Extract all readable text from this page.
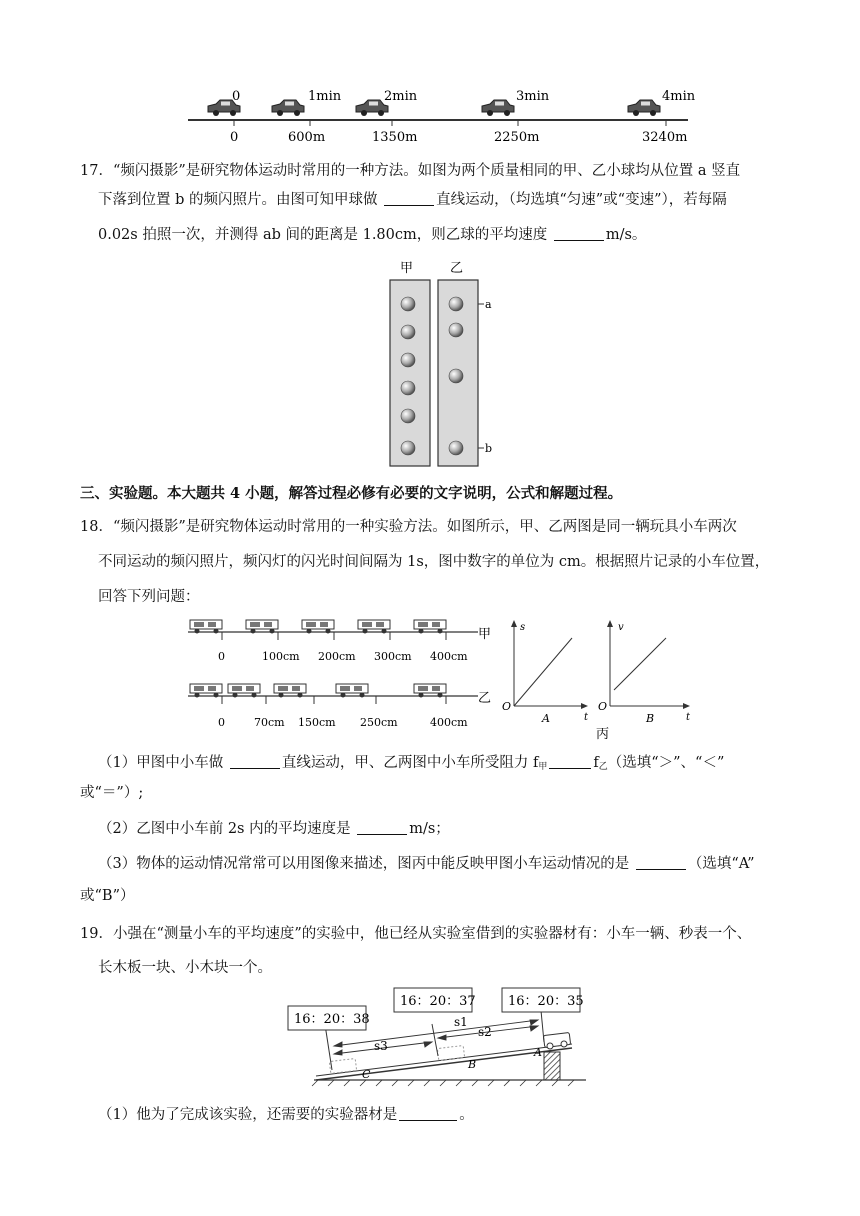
0	1min	2min	3min	4min
0	600m	1350m	2250m	3240m
17．“频闪摄影”是研究物体运动时常用的一种方法。如图为两个质量相同的甲、乙小球均从位置 a 竖直
下落到位置 b 的频闪照片。由图可知甲球做	直线运动，（均选填“匀速”或“变速”），若每隔
0.02s 拍照一次，并测得 ab 间的距离是 1.80cm，则乙球的平均速度	m/s。
甲	乙
a
b
三、实验题。本大题共 4 小题，解答过程必修有必要的文字说明，公式和解题过程。
18．“频闪摄影”是研究物体运动时常用的一种实验方法。如图所示，甲、乙两图是同一辆玩具小车两次
不同运动的频闪照片，频闪灯的闪光时间间隔为 1s，图中数字的单位为 cm。根据照片记录的小车位置，
回答下列问题：
0	100cm 200cm 300cm 400cm
甲
0	70cm 150cm 250cm	400cm
乙
s
t
O
A
v
t
O
B
丙
（1）甲图中小车做	直线运动，甲、乙两图中小车所受阻力 $f_甲$	$f_乙$（选填“＞”、“＜”
或“＝”）;
（2）乙图中小车前 2s 内的平均速度是	m/s；
（3）物体的运动情况常常可以用图像来描述，图丙中能反映甲图小车运动情况的是	（选填“A”
或“B”）
19．小强在“测量小车的平均速度”的实验中，他已经从实验室借到的实验器材有：小车一辆、秒表一个、
长木板一块、小木块一个。
s1
s2
s3	A
B
C
16：20：38
16：20：37 16：20：35
（1）他为了完成该实验，还需要的实验器材是	。
